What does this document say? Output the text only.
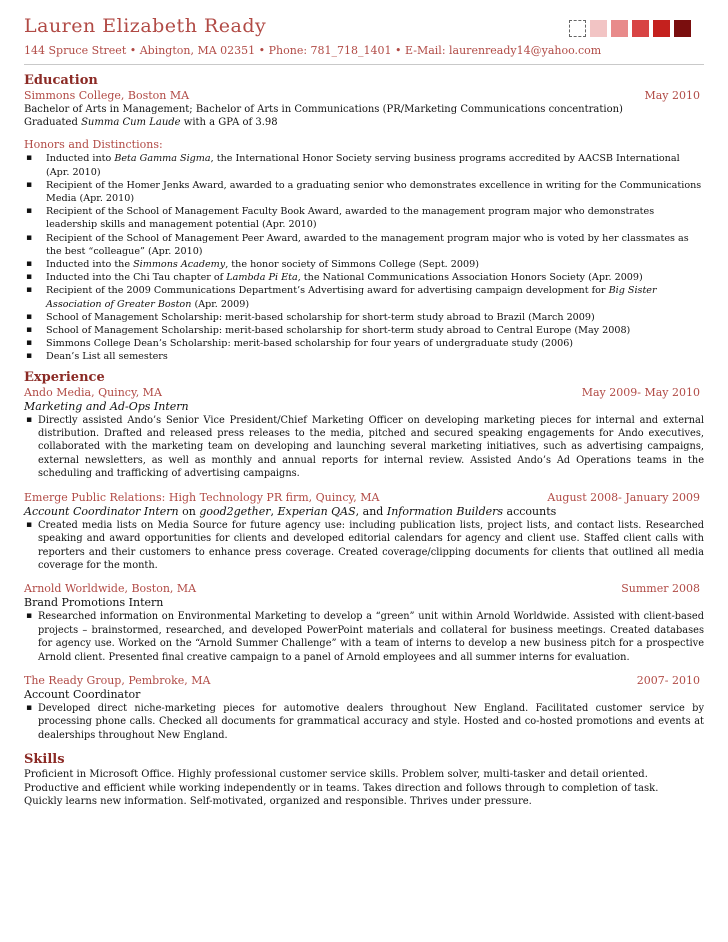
Lauren Elizabeth Ready
144 Spruce Street • Abington, MA 02351 • Phone: 781_718_1401 • E-Mail: laurenready14@yahoo.com
Education
Simmons College, Boston MA	May 2010
Bachelor of Arts in Management; Bachelor of Arts in Communications (PR/Marketing Communications concentration)
Graduated Summa Cum Laude with a GPA of 3.98
Honors and Distinctions:
▪ Inducted into Beta Gamma Sigma, the International Honor Society serving business programs accredited by AACSB International (Apr. 2010)
▪ Recipient of the Homer Jenks Award, awarded to a graduating senior who demonstrates excellence in writing for the Communications Media (Apr. 2010)
▪ Recipient of the School of Management Faculty Book Award, awarded to the management program major who demonstrates leadership skills and management potential (Apr. 2010)
▪ Recipient of the School of Management Peer Award, awarded to the management program major who is voted by her classmates as the best “colleague” (Apr. 2010)
▪ Inducted into the Simmons Academy, the honor society of Simmons College (Sept. 2009)
▪ Inducted into the Chi Tau chapter of Lambda Pi Eta, the National Communications Association Honors Society (Apr. 2009)
▪ Recipient of the 2009 Communications Department’s Advertising award for advertising campaign development for Big Sister Association of Greater Boston (Apr. 2009)
▪ School of Management Scholarship: merit-based scholarship for short-term study abroad to Brazil (March 2009)
▪ School of Management Scholarship: merit-based scholarship for short-term study abroad to Central Europe (May 2008)
▪ Simmons College Dean’s Scholarship: merit-based scholarship for four years of undergraduate study (2006)
▪ Dean’s List all semesters
Experience
Ando Media, Quincy, MA	May 2009- May 2010
Marketing and Ad-Ops Intern
▪ Directly assisted Ando’s Senior Vice President/Chief Marketing Officer on developing marketing pieces for internal and external distribution. Drafted and released press releases to the media, pitched and secured speaking engagements for Ando executives, collaborated with the marketing team on developing and launching several marketing initiatives, such as advertising campaigns, external newsletters, as well as monthly and annual reports for internal review. Assisted Ando’s Ad Operations teams in the scheduling and trafficking of advertising campaigns.
Emerge Public Relations: High Technology PR firm, Quincy, MA	August 2008- January 2009
Account Coordinator Intern on good2gether, Experian QAS, and Information Builders accounts
▪ Created media lists on Media Source for future agency use: including publication lists, project lists, and contact lists. Researched speaking and award opportunities for clients and developed editorial calendars for agency and client use. Staffed client calls with reporters and their customers to enhance press coverage. Created coverage/clipping documents for clients that outlined all media coverage for the month.
Arnold Worldwide, Boston, MA	Summer 2008
Brand Promotions Intern
▪ Researched information on Environmental Marketing to develop a “green” unit within Arnold Worldwide. Assisted with client-based projects – brainstormed, researched, and developed PowerPoint materials and collateral for business meetings. Created databases for agency use. Worked on the “Arnold Summer Challenge” with a team of interns to develop a new business pitch for a prospective Arnold client. Presented final creative campaign to a panel of Arnold employees and all summer interns for evaluation.
The Ready Group, Pembroke, MA	2007- 2010
Account Coordinator
▪ Developed direct niche-marketing pieces for automotive dealers throughout New England. Facilitated customer service by processing phone calls. Checked all documents for grammatical accuracy and style. Hosted and co-hosted promotions and events at dealerships throughout New England.
Skills
Proficient in Microsoft Office. Highly professional customer service skills. Problem solver, multi-tasker and detail oriented.
Productive and efficient while working independently or in teams. Takes direction and follows through to completion of task.
Quickly learns new information. Self-motivated, organized and responsible. Thrives under pressure.
